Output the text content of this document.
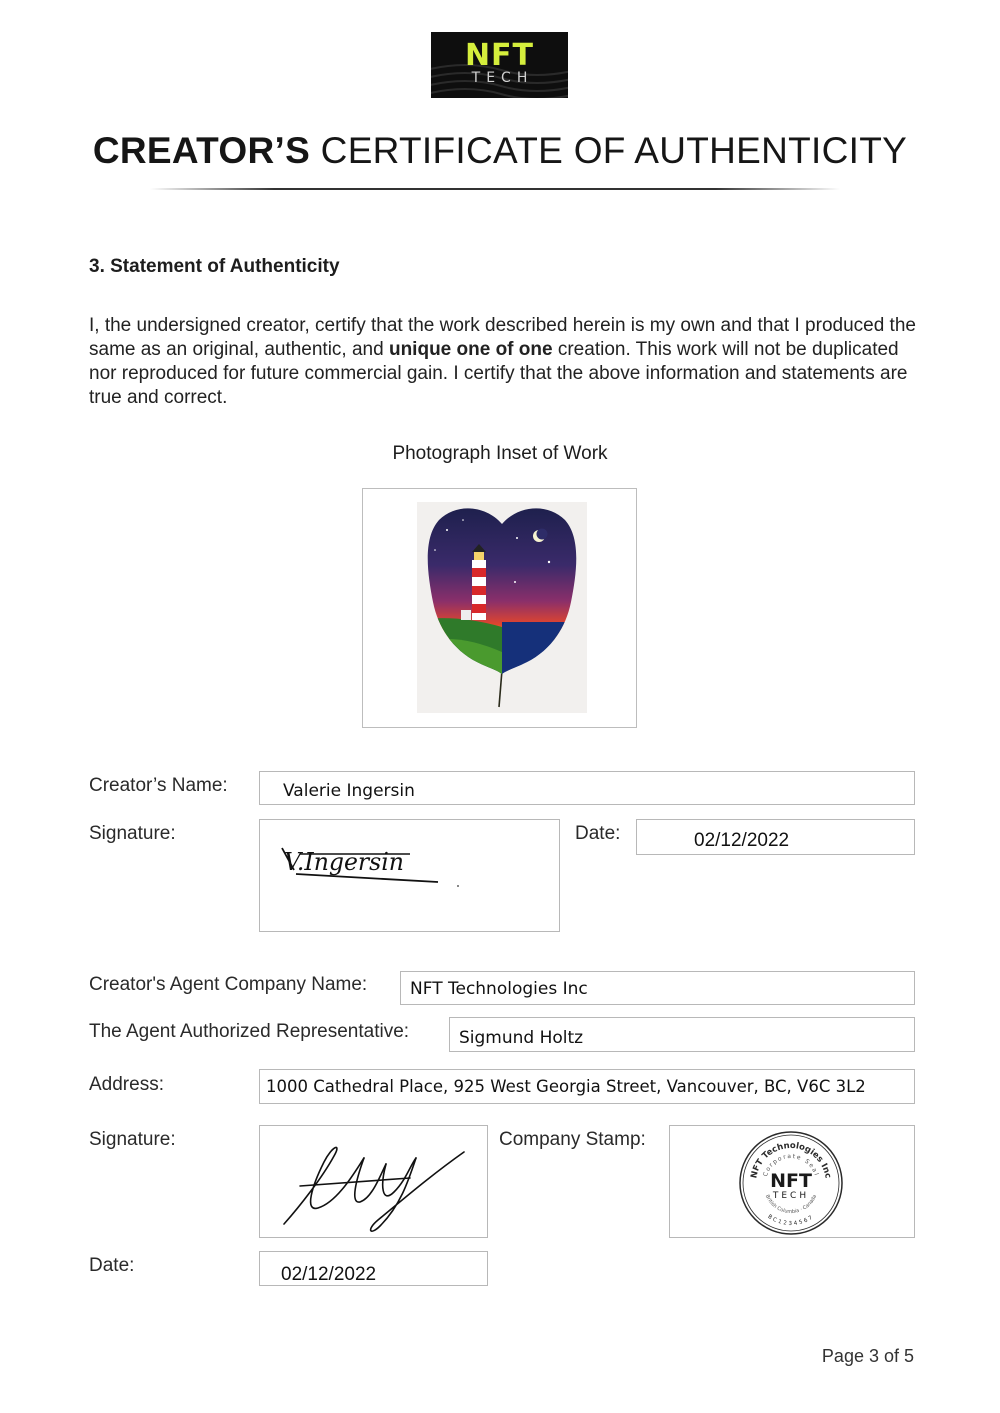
NFT
TECH
CREATOR’S CERTIFICATE OF AUTHENTICITY
3. Statement of Authenticity

I, the undersigned creator, certify that the work described herein is my own and that I produced the same as an original, authentic, and unique one of one creation. This work will not be duplicated nor reproduced for future commercial gain. I certify that the above information and statements are true and correct.

Photograph Inset of Work
Creator’s Name:	Valerie Ingersin
Signature:
V.Ingersin
Date:	02/12/2022
Creator's Agent Company Name:	NFT Technologies Inc
The Agent Authorized Representative:	Sigmund Holtz
Address:	1000 Cathedral Place, 925 West Georgia Street, Vancouver, BC, V6C 3L2
Signature:	Company Stamp:
NFT Technologies Inc
Corporate Seal
British Columbia · Canada
BC1234567
NFT
TECH
Date:	02/12/2022
Page 3 of 5
